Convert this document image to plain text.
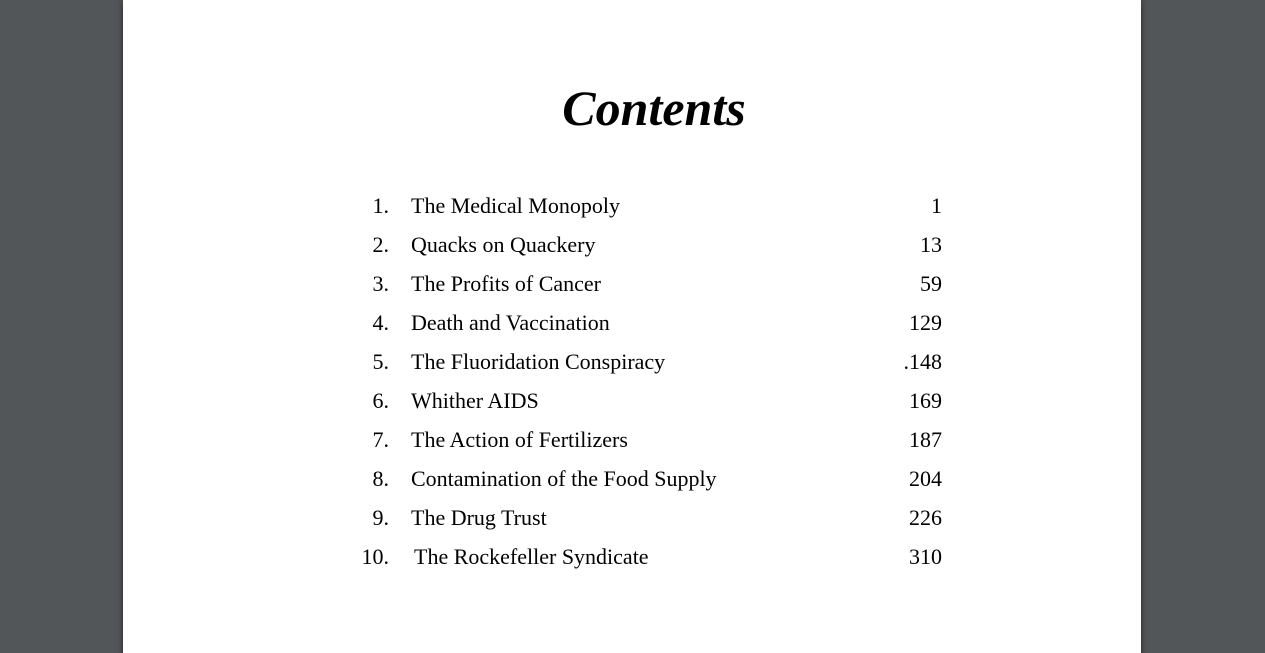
Contents
1. The Medical Monopoly	1
2. Quacks on Quackery	13
3. The Profits of Cancer	59
4. Death and Vaccination	129
5. The Fluoridation Conspiracy	.148
6. Whither AIDS	169
7. The Action of Fertilizers	187
8. Contamination of the Food Supply	204
9. The Drug Trust	226
10. The Rockefeller Syndicate	310
